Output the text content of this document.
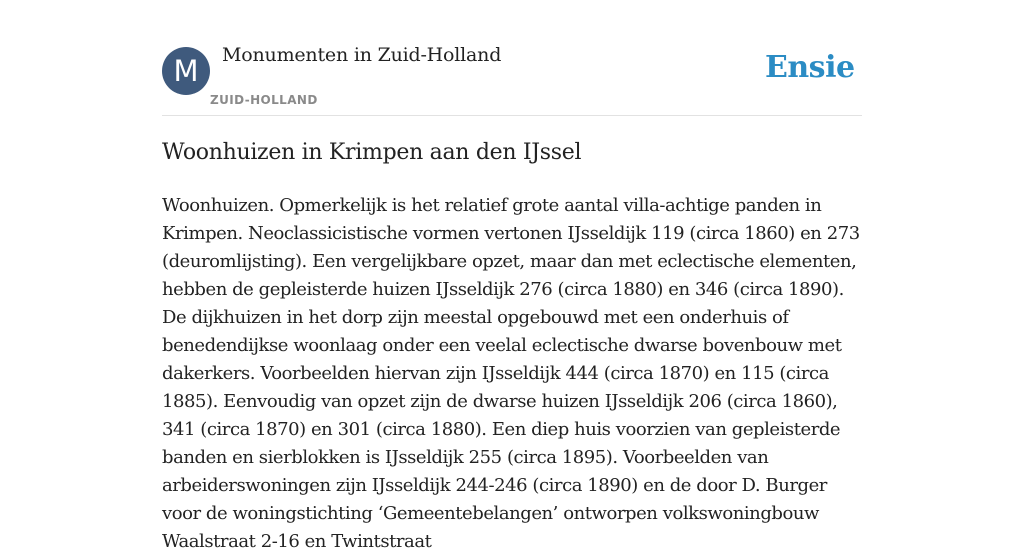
M	Monumenten in Zuid-Holland
ZUID-HOLLAND
Ensie
Woonhuizen in Krimpen aan den IJssel

Woonhuizen. Opmerkelijk is het relatief grote aantal villa-achtige panden in Krimpen. Neoclassicistische vormen vertonen IJsseldijk 119 (circa 1860) en 273 (deuromlijsting). Een vergelijkbare opzet, maar dan met eclectische elementen, hebben de gepleisterde huizen IJsseldijk 276 (circa 1880) en 346 (circa 1890). De dijkhuizen in het dorp zijn meestal opgebouwd met een onderhuis of benedendijkse woonlaag onder een veelal eclectische dwarse bovenbouw met dakerkers. Voorbeelden hiervan zijn IJsseldijk 444 (circa 1870) en 115 (circa 1885). Eenvoudig van opzet zijn de dwarse huizen IJsseldijk 206 (circa 1860), 341 (circa 1870) en 301 (circa 1880). Een diep huis voorzien van gepleisterde banden en sierblokken is IJsseldijk 255 (circa 1895). Voorbeelden van arbeiderswoningen zijn IJsseldijk 244-246 (circa 1890) en de door D. Burger voor de woningstichting ‘Gemeentebelangen’ ontworpen volkswoningbouw Waalstraat 2-16 en Twintstraat
